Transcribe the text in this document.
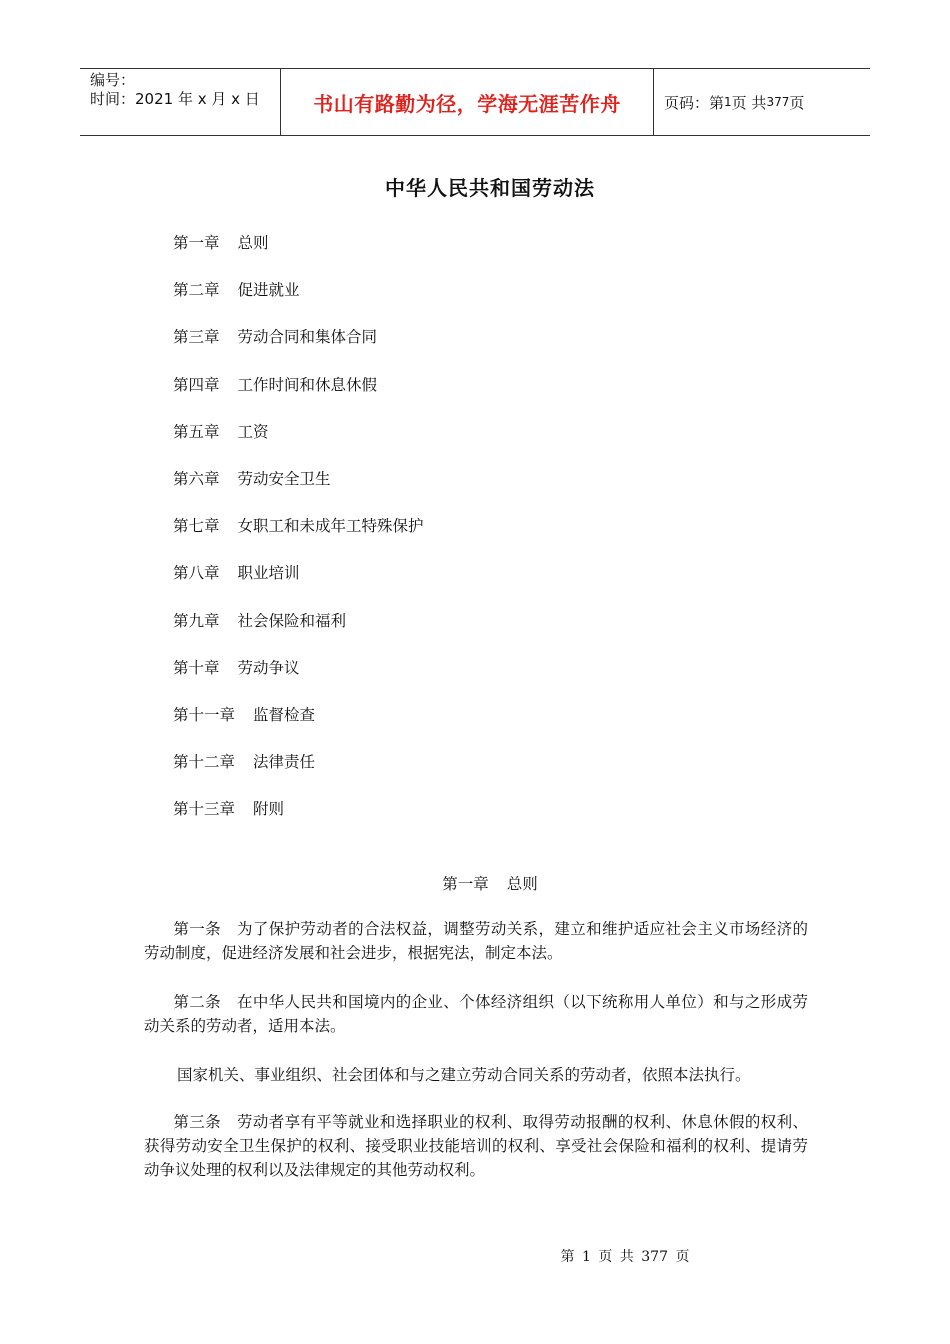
编号：
时间：2021 年 x 月 x 日	书山有路勤为径，学海无涯苦作舟	页码：第 1 页 共 377 页
中华人民共和国劳动法
第一章 总则
第二章 促进就业
第三章 劳动合同和集体合同
第四章 工作时间和休息休假
第五章 工资
第六章 劳动安全卫生
第七章 女职工和未成年工特殊保护
第八章 职业培训
第九章 社会保险和福利
第十章 劳动争议
第十一章 监督检查
第十二章 法律责任
第十三章 附则
第一章 总则

第一条 为了保护劳动者的合法权益，调整劳动关系，建立和维护适应社会主义市场经济的劳动制度，促进经济发展和社会进步，根据宪法，制定本法。

第二条 在中华人民共和国境内的企业、个体经济组织（以下统称用人单位）和与之形成劳动关系的劳动者，适用本法。

国家机关、事业组织、社会团体和与之建立劳动合同关系的劳动者，依照本法执行。

第三条 劳动者享有平等就业和选择职业的权利、取得劳动报酬的权利、休息休假的权利、获得劳动安全卫生保护的权利、接受职业技能培训的权利、享受社会保险和福利的权利、提请劳动争议处理的权利以及法律规定的其他劳动权利。

第 1 页 共 377 页
